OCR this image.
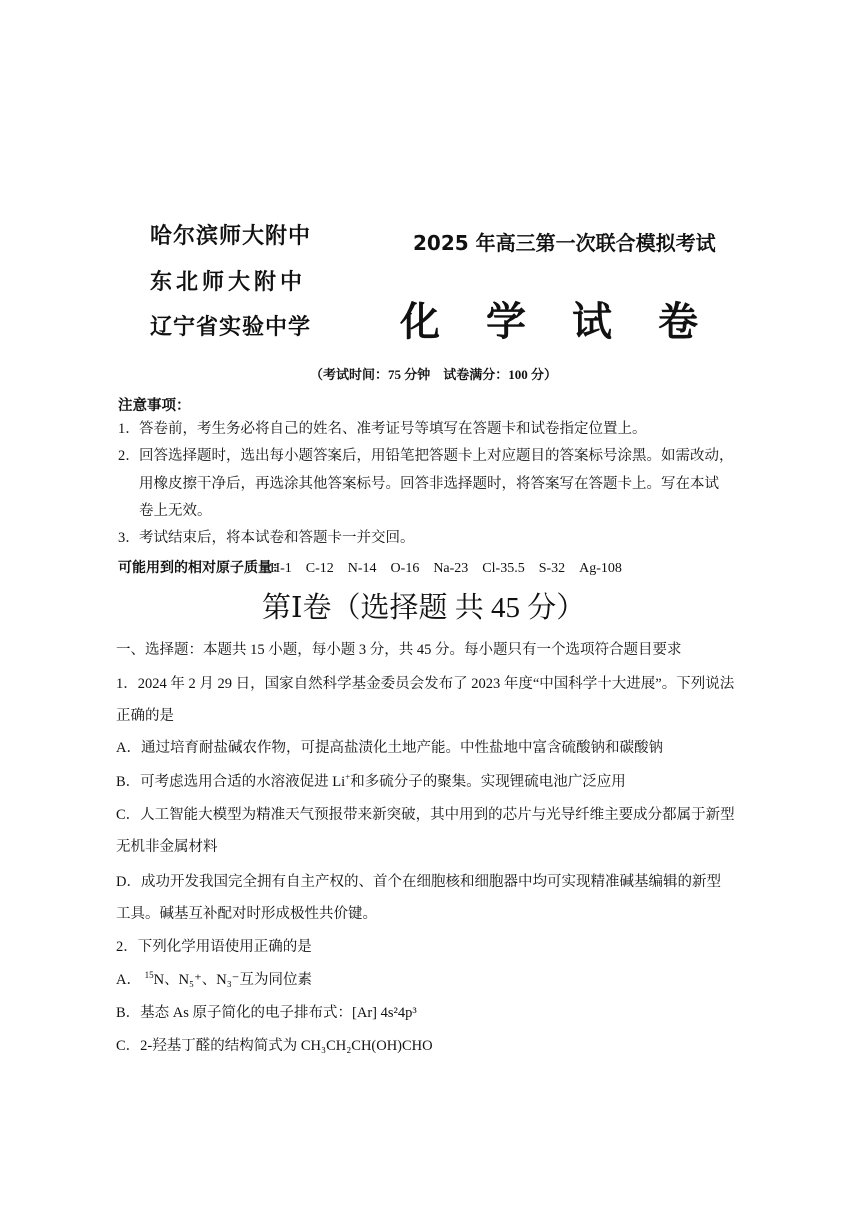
哈尔滨师大附中
东北师大附中
辽宁省实验中学
2025 年高三第一次联合模拟考试
化学试卷
（考试时间：75 分钟　试卷满分：100 分）
注意事项：
1． 答卷前，考生务必将自己的姓名、准考证号等填写在答题卡和试卷指定位置上。
2． 回答选择题时，选出每小题答案后，用铅笔把答题卡上对应题目的答案标号涂黑。如需改动，
用橡皮擦干净后，再选涂其他答案标号。回答非选择题时，将答案写在答题卡上。写在本试
卷上无效。
3． 考试结束后，将本试卷和答题卡一并交回。
可能用到的相对原子质量：
H-1　C-12　N-14　O-16　Na-23　Cl-35.5　S-32　Ag-108
第Ⅰ卷（选择题 共 45 分）
一、选择题：本题共 15 小题，每小题 3 分，共 45 分。每小题只有一个选项符合题目要求
1．2024 年 2 月 29 日，国家自然科学基金委员会发布了 2023 年度“中国科学十大进展”。下列说法
正确的是
A．通过培育耐盐碱农作物，可提高盐渍化土地产能。中性盐地中富含硫酸钠和碳酸钠
B．可考虑选用合适的水溶液促进 Li+和多硫分子的聚集。实现锂硫电池广泛应用
C．人工智能大模型为精准天气预报带来新突破，其中用到的芯片与光导纤维主要成分都属于新型
无机非金属材料
D．成功开发我国完全拥有自主产权的、首个在细胞核和细胞器中均可实现精准碱基编辑的新型
工具。碱基互补配对时形成极性共价键。
2．下列化学用语使用正确的是
A． $^{15}$N、N₅⁺、N₃⁻互为同位素
B．基态 As 原子简化的电子排布式：[Ar] 4s²4p³
C．2-羟基丁醛的结构简式为 CH₃CH₂CH(OH)CHO
